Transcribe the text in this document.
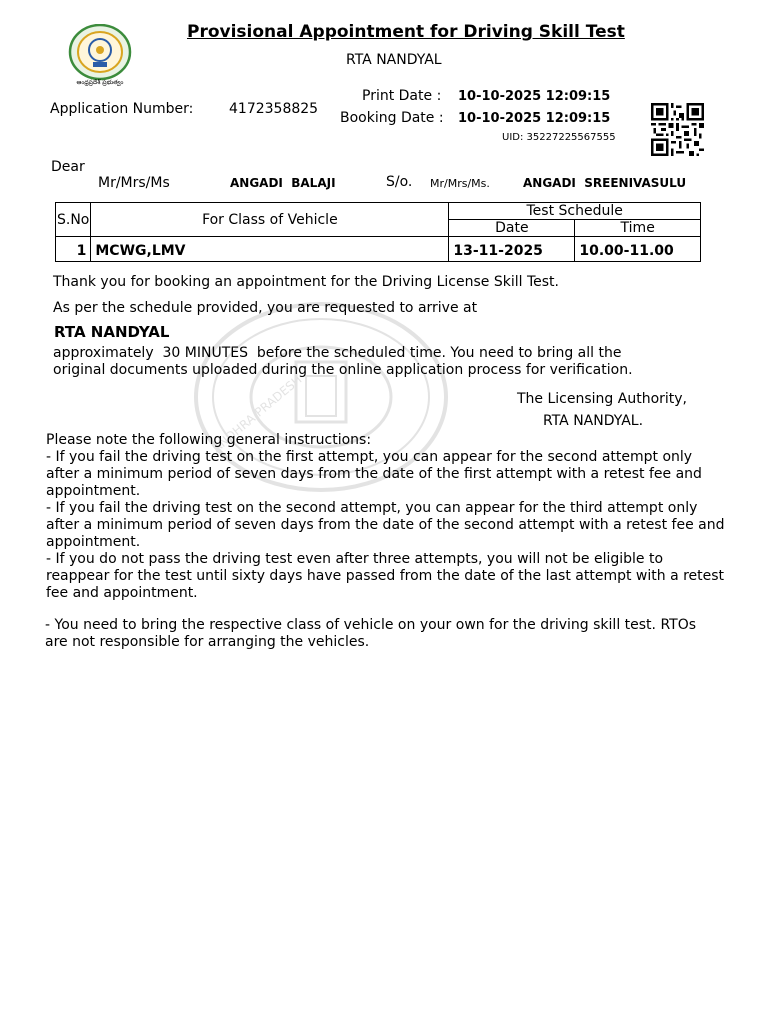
ANDHRA PRADESH
ఆంధ్రప్రదేశ్ ప్రభుత్వం
Provisional Appointment for Driving Skill Test
RTA NANDYAL
Application Number:	4172358825
Print Date : 10-10-2025 12:09:15
Booking Date : 10-10-2025 12:09:15
UID: 35227225567555
Dear
Mr/Mrs/Ms	ANGADI  BALAJI	S/o. Mr/Mrs/Ms.	ANGADI  SREENIVASULU
S.No	For Class of Vehicle	Test Schedule	
		Date	Time

1	MCWG,LMV	13-11-2025	10.00-11.00
Thank you for booking an appointment for the Driving License Skill Test.
As per the schedule provided, you are requested to arrive at
RTA NANDYAL
approximately  30 MINUTES  before the scheduled time. You need to bring all the
original documents uploaded during the online application process for verification.
The Licensing Authority,
RTA NANDYAL.
Please note the following general instructions:
- If you fail the driving test on the first attempt, you can appear for the second attempt only after a minimum period of seven days from the date of the first attempt with a retest fee and appointment.
- If you fail the driving test on the second attempt, you can appear for the third attempt only after a minimum period of seven days from the date of the second attempt with a retest fee and appointment.
- If you do not pass the driving test even after three attempts, you will not be eligible to reappear for the test until sixty days have passed from the date of the last attempt with a retest fee and appointment.
- You need to bring the respective class of vehicle on your own for the driving skill test. RTOs are not responsible for arranging the vehicles.
